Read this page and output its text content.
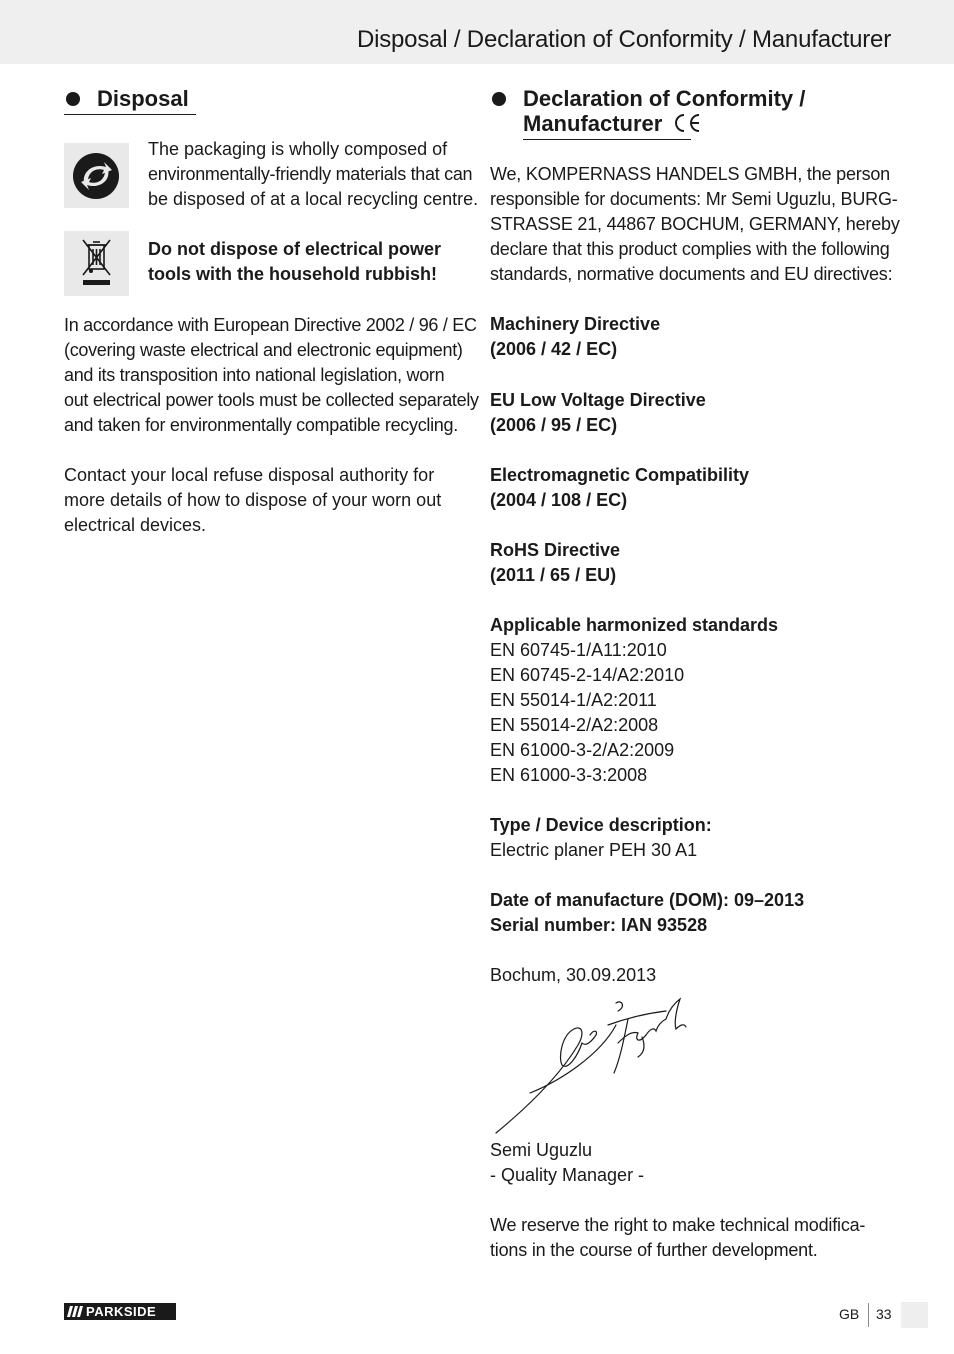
Disposal / Declaration of Conformity / Manufacturer
Disposal
The packaging is wholly composed of
environmentally-friendly materials that can
be disposed of at a local recycling centre.
Do not dispose of electrical power
tools with the household rubbish!
In accordance with European Directive 2002 / 96 / EC
(covering waste electrical and electronic equipment)
and its transposition into national legislation, worn
out electrical power tools must be collected separately
and taken for environmentally compatible recycling.
Contact your local refuse disposal authority for
more details of how to dispose of your worn out
electrical devices.
Declaration of Conformity /
Manufacturer
We, KOMPERNASS HANDELS GMBH, the person
responsible for documents: Mr Semi Uguzlu, BURG-
STRASSE 21, 44867 BOCHUM, GERMANY, hereby
declare that this product complies with the following
standards, normative documents and EU directives:
Machinery Directive
(2006 / 42 / EC)
EU Low Voltage Directive
(2006 / 95 / EC)
Electromagnetic Compatibility
(2004 / 108 / EC)
RoHS Directive
(2011 / 65 / EU)
Applicable harmonized standards
EN 60745-1/A11:2010
EN 60745-2-14/A2:2010
EN 55014-1/A2:2011
EN 55014-2/A2:2008
EN 61000-3-2/A2:2009
EN 61000-3-3:2008
Type / Device description:
Electric planer PEH 30 A1
Date of manufacture (DOM): 09–2013
Serial number: IAN 93528
Bochum, 30.09.2013
Semi Uguzlu
- Quality Manager -
We reserve the right to make technical modifica-
tions in the course of further development.
PARKSIDE	GB 33
